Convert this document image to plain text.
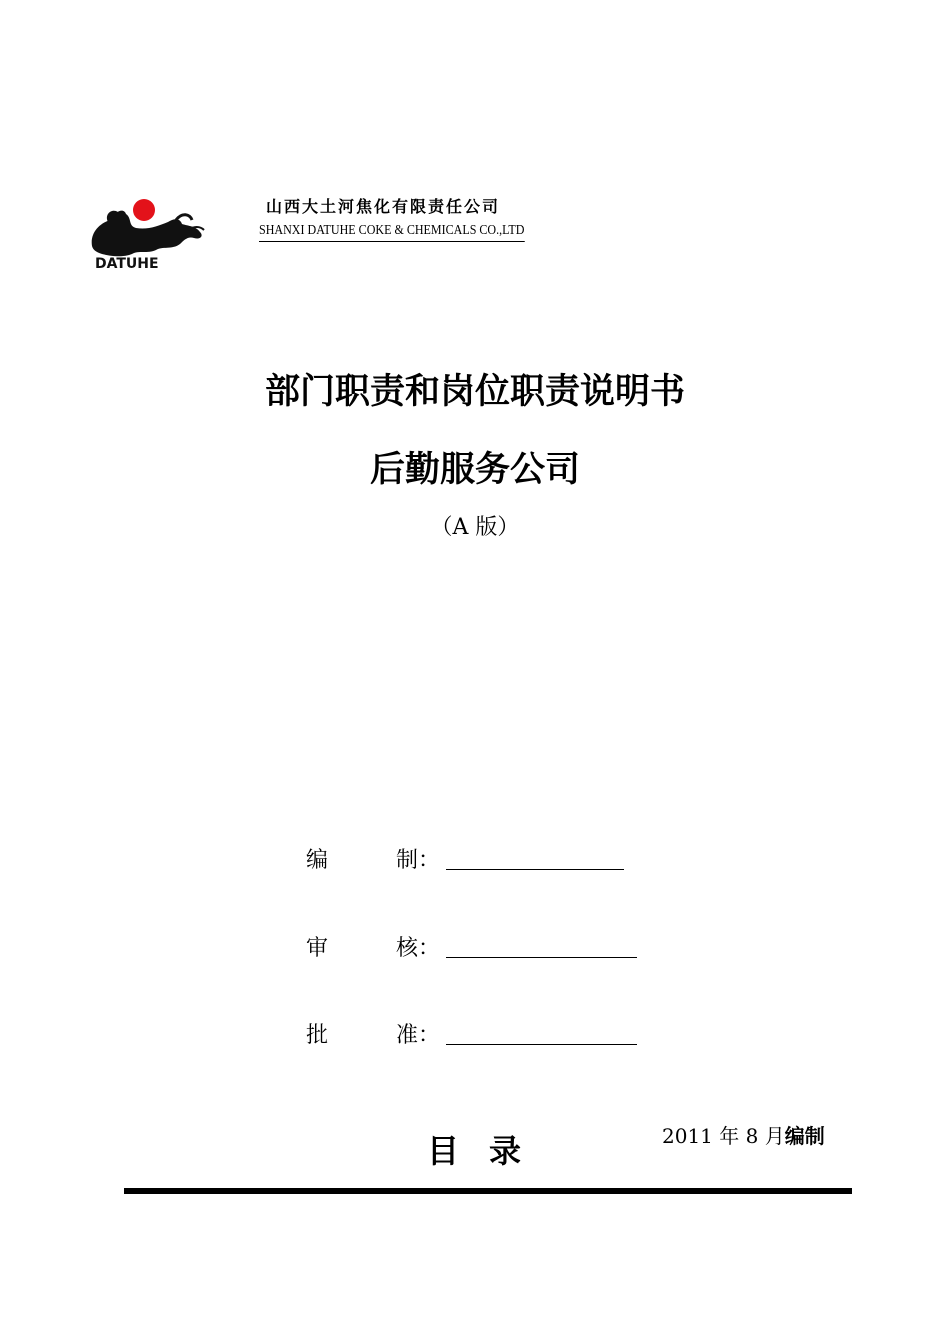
DATUHE
山西大土河焦化有限责任公司
SHANXI DATUHE COKE & CHEMICALS CO.,LTD
部门职责和岗位职责说明书
后勤服务公司
（A 版）
编	制：
审	核：
批	准：
2011 年 8 月编制
目录
